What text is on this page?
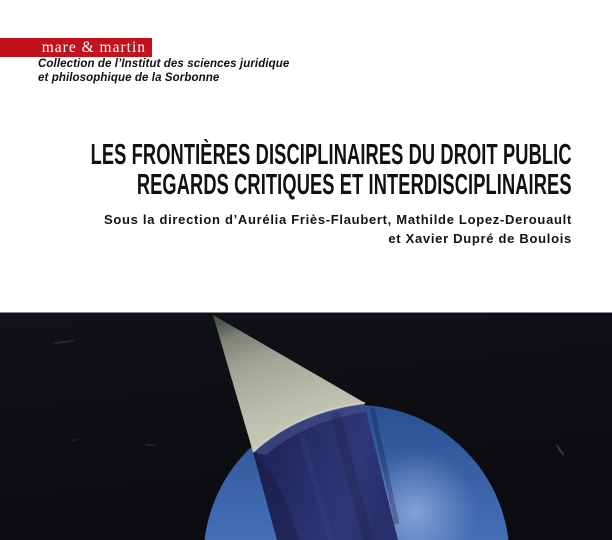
mare & martin
Collection de l’Institut des sciences juridique
et philosophique de la Sorbonne
LES FRONTIÈRES DISCIPLINAIRES DU DROIT PUBLIC
REGARDS CRITIQUES ET INTERDISCIPLINAIRES
Sous la direction d’Aurélia Friès-Flaubert, Mathilde Lopez-Derouault
et Xavier Dupré de Boulois
